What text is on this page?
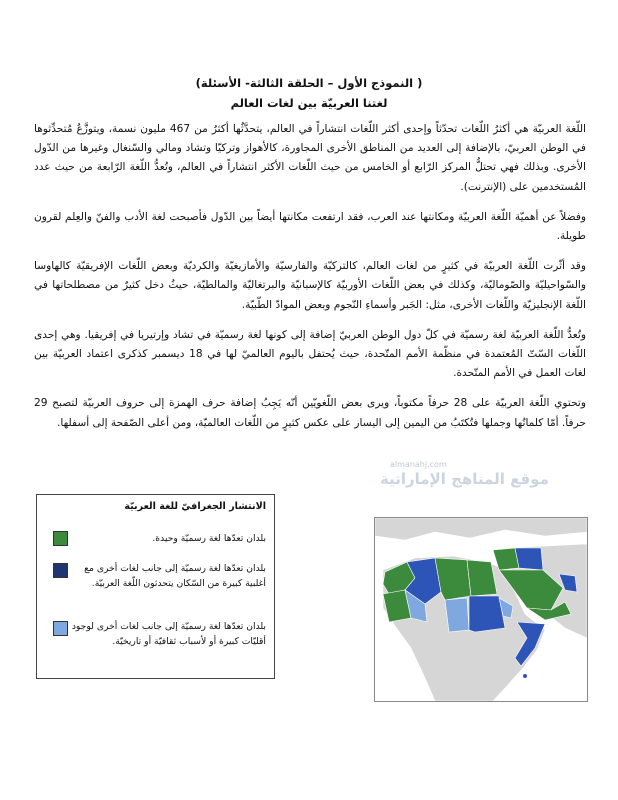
( النموذج الأول – الحلقة الثالثة- الأسئلة)
لغتنا العربيّة بين لغات العالم

اللّغة العربيّة هي أكثرُ اللّغات تحدّثاً وإحدى أكثر اللّغات انتشاراً في العالم، يتحدَّثُها أكثرُ من 467 مليون نسمة، ويتوزَّعُ مُتحدِّثوها في الوطن العربيّ، بالإضافة إلى العديد من المناطق الأخرى المجاورة، كالأهواز وتركيّا وتشاد ومالي والسّنغال وغيرها من الدّول الأخرى. وبذلك فهي تحتلُّ المركز الرّابع أو الخامس من حيث اللّغات الأكثر انتشاراً في العالم، وتُعدُّ اللّغة الرّابعة من حيث عدد المُستخدمين على (الإنترنت).

وفضلاً عن أهميّة اللّغة العربيّة ومكانتها عند العرب، فقد ارتفعت مكانتها أيضاً بين الدّول فأصبحت لغة الأدب والفنّ والعِلم لقرون طويلة.

وقد أثّرت اللّغة العربيّة في كثيرٍ من لغات العالم، كالتركيّة والفارسيّة والأمازيغيّة والكرديّة وبعض اللّغات الإفريقيّة كالهاوسا والسّواحيليّة والصّوماليّة، وكذلك في بعض اللّغات الأوربيّة كالإسبانيّة والبرتغاليّة والمالطيّة، حيثُ دخل كثيرٌ من مصطلحاتها في اللّغة الإنجليزيّة واللّغات الأخرى، مثل: الجَبر وأسماءِ النّجوم وبعض الموادّ الطّبيّة.

وتُعدُّ اللّغة العربيّة لغة رسميّة في كلّ دول الوطن العربيّ إضافة إلى كونها لغة رسميّة في تشاد وإرتيريا في إفريقيا. وهي إحدى اللّغات السّتّ المُعتمدة في منظّمة الأمم المتّحدة، حيث يُحتفل باليوم العالميّ لها في 18 ديسمبر كذكرى اعتماد العربيّة بين لغات العمل في الأمم المتّحدة.

وتحتوي اللّغة العربيّة على 28 حرفاً مكتوباً، ويرى بعض اللّغويّين أنّه يَجِبُ إضافة حرف الهمزة إلى حروف العربيّة لتصبح 29 حرفاً. أمّا كلماتُها وجملها فتُكتَبُ من اليمين إلى اليسار على عكس كثيرٍ من اللّغات العالميّة، ومن أعلى الصّفحة إلى أسفلها.

almanahj.com
موقع المناهج الإماراتية
الانتشار الجغرافيّ للغة العربيّة
بلدان تعدّها لغة رسميّة وحيدة.
بلدان تعدّها لغة رسميّة إلى جانب لغات أخرى مع أغلبية كبيرة من السّكان يتحدثون اللّغة العربيّة.
بلدان تعدّها لغة رسميّة إلى جانب لغات أخرى لوجود أقليّات كبيرة أو لأسباب ثقافيّة أو تاريخيّة.
